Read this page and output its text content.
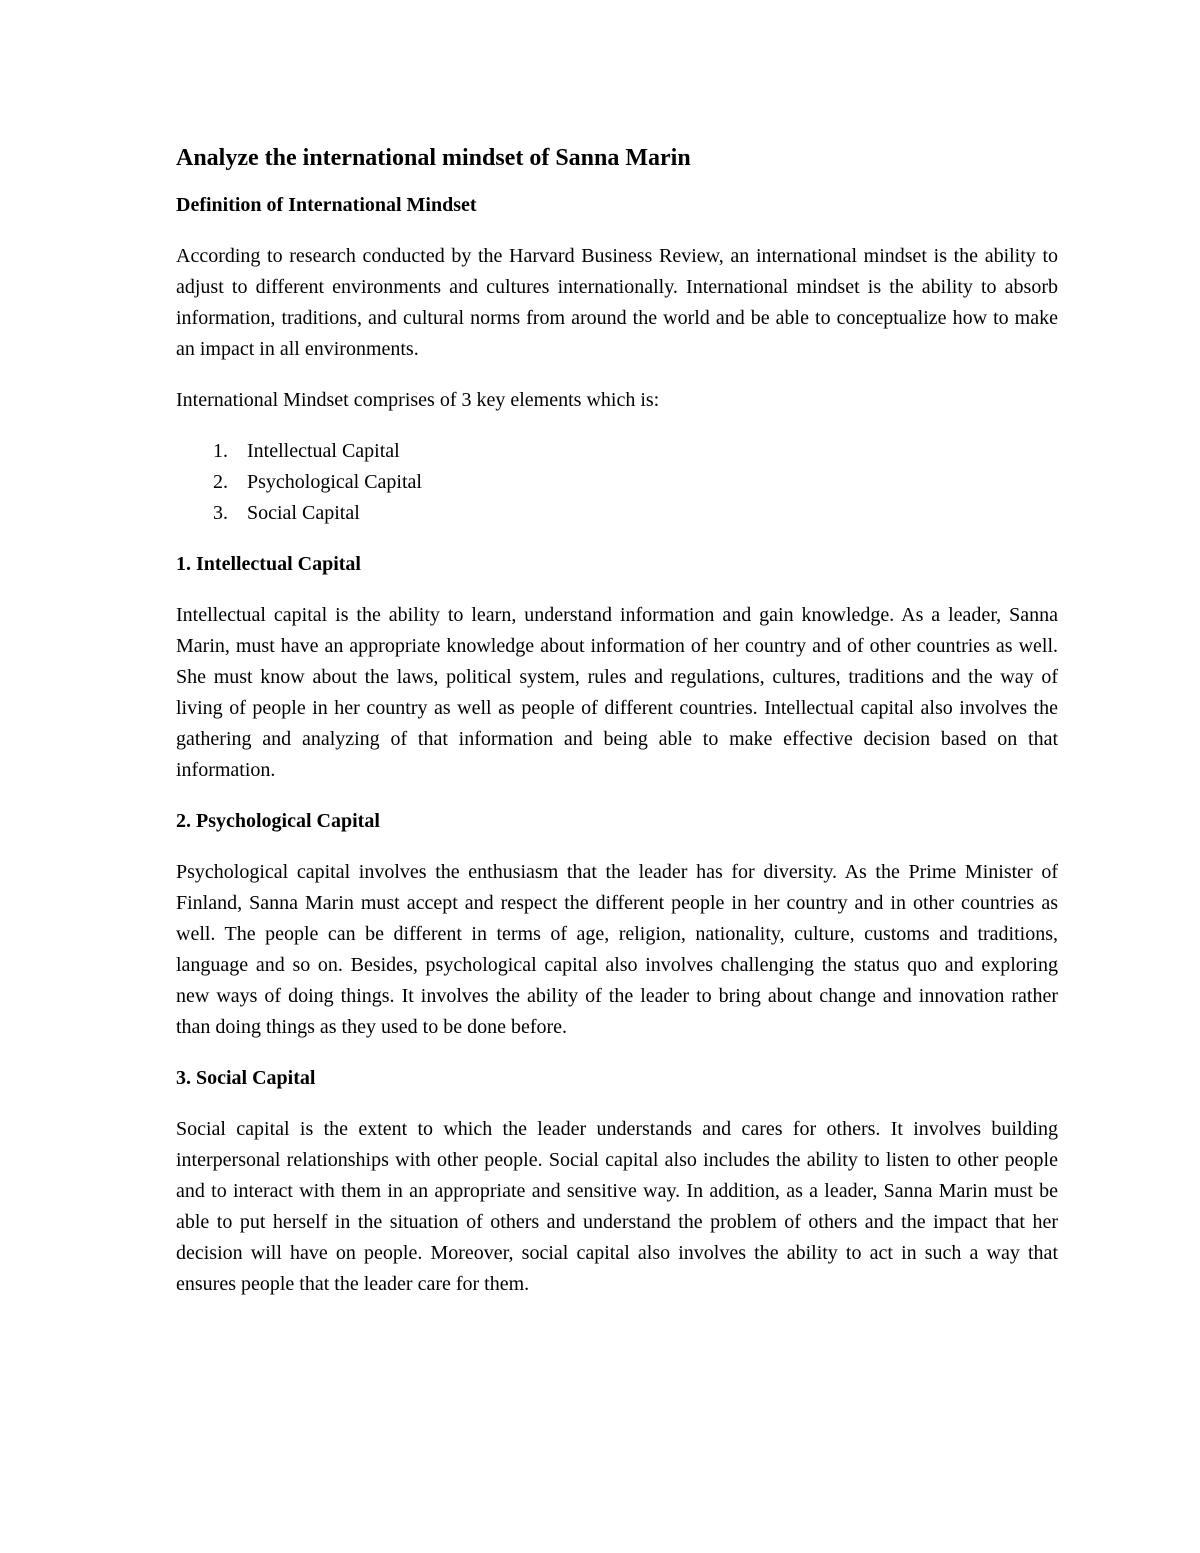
Analyze the international mindset of Sanna Marin
Definition of International Mindset

According to research conducted by the Harvard Business Review, an international mindset is the ability to adjust to different environments and cultures internationally. International mindset is the ability to absorb information, traditions, and cultural norms from around the world and be able to conceptualize how to make an impact in all environments.

International Mindset comprises of 3 key elements which is:

1. Intellectual Capital
2. Psychological Capital
3. Social Capital
1. Intellectual Capital

Intellectual capital is the ability to learn, understand information and gain knowledge. As a leader, Sanna Marin, must have an appropriate knowledge about information of her country and of other countries as well. She must know about the laws, political system, rules and regulations, cultures, traditions and the way of living of people in her country as well as people of different countries. Intellectual capital also involves the gathering and analyzing of that information and being able to make effective decision based on that information.

2. Psychological Capital

Psychological capital involves the enthusiasm that the leader has for diversity. As the Prime Minister of Finland, Sanna Marin must accept and respect the different people in her country and in other countries as well. The people can be different in terms of age, religion, nationality, culture, customs and traditions, language and so on. Besides, psychological capital also involves challenging the status quo and exploring new ways of doing things. It involves the ability of the leader to bring about change and innovation rather than doing things as they used to be done before.

3. Social Capital

Social capital is the extent to which the leader understands and cares for others. It involves building interpersonal relationships with other people. Social capital also includes the ability to listen to other people and to interact with them in an appropriate and sensitive way. In addition, as a leader, Sanna Marin must be able to put herself in the situation of others and understand the problem of others and the impact that her decision will have on people. Moreover, social capital also involves the ability to act in such a way that ensures people that the leader care for them.
